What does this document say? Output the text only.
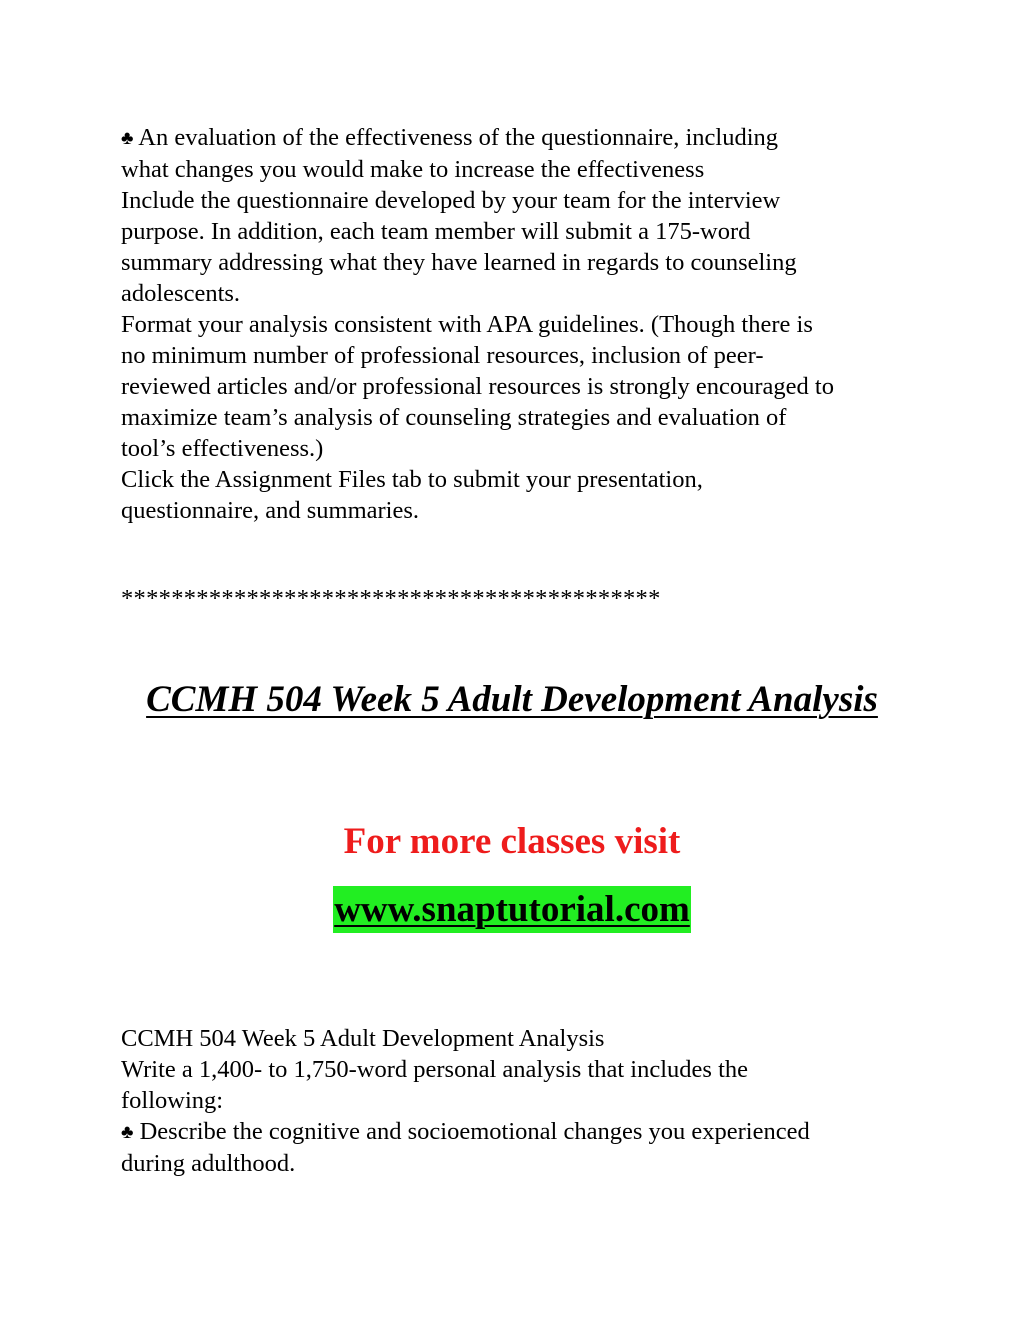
♣ An evaluation of the effectiveness of the questionnaire, including
what changes you would make to increase the effectiveness
Include the questionnaire developed by your team for the interview
purpose. In addition, each team member will submit a 175-word
summary addressing what they have learned in regards to counseling
adolescents.
Format your analysis consistent with APA guidelines. (Though there is
no minimum number of professional resources, inclusion of peer-
reviewed articles and/or professional resources is strongly encouraged to
maximize team’s analysis of counseling strategies and evaluation of
tool’s effectiveness.)
Click the Assignment Files tab to submit your presentation,
questionnaire, and summaries.
*******************************************
CCMH 504 Week 5 Adult Development Analysis
For more classes visit
www.snaptutorial.com
CCMH 504 Week 5 Adult Development Analysis
Write a 1,400- to 1,750-word personal analysis that includes the
following:
♣ Describe the cognitive and socioemotional changes you experienced
during adulthood.
